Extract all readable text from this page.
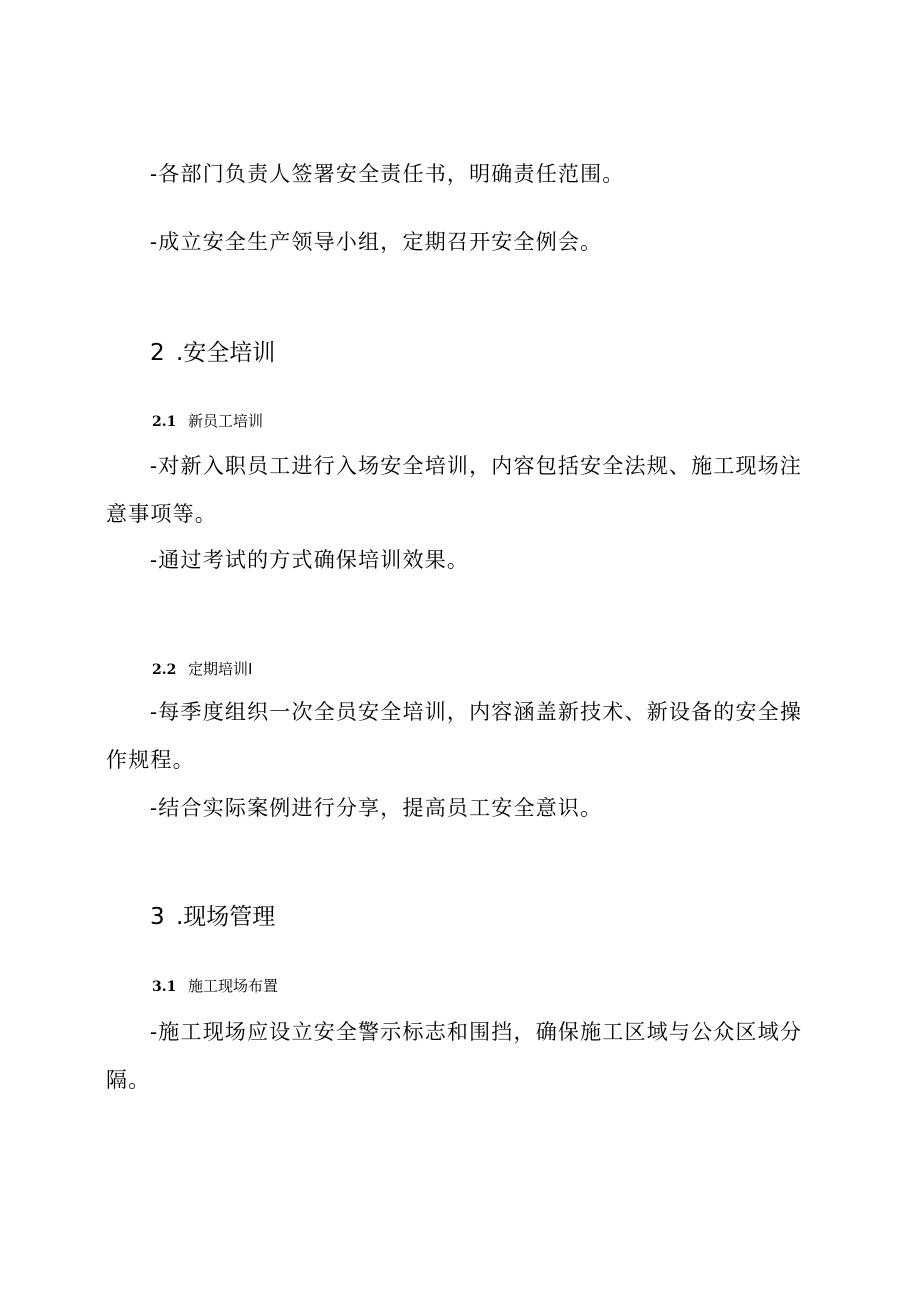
-各部门负责人签署安全责任书，明确责任范围。

-成立安全生产领导小组，定期召开安全例会。

2 .安全培训
2.1 新员工培训

-对新入职员工进行入场安全培训，内容包括安全法规、施工现场注意事项等。

-通过考试的方式确保培训效果。

2.2 定期培训I

-每季度组织一次全员安全培训，内容涵盖新技术、新设备的安全操作规程。

-结合实际案例进行分享，提高员工安全意识。

3 .现场管理
3.1 施工现场布置

-施工现场应设立安全警示标志和围挡，确保施工区域与公众区域分隔。
